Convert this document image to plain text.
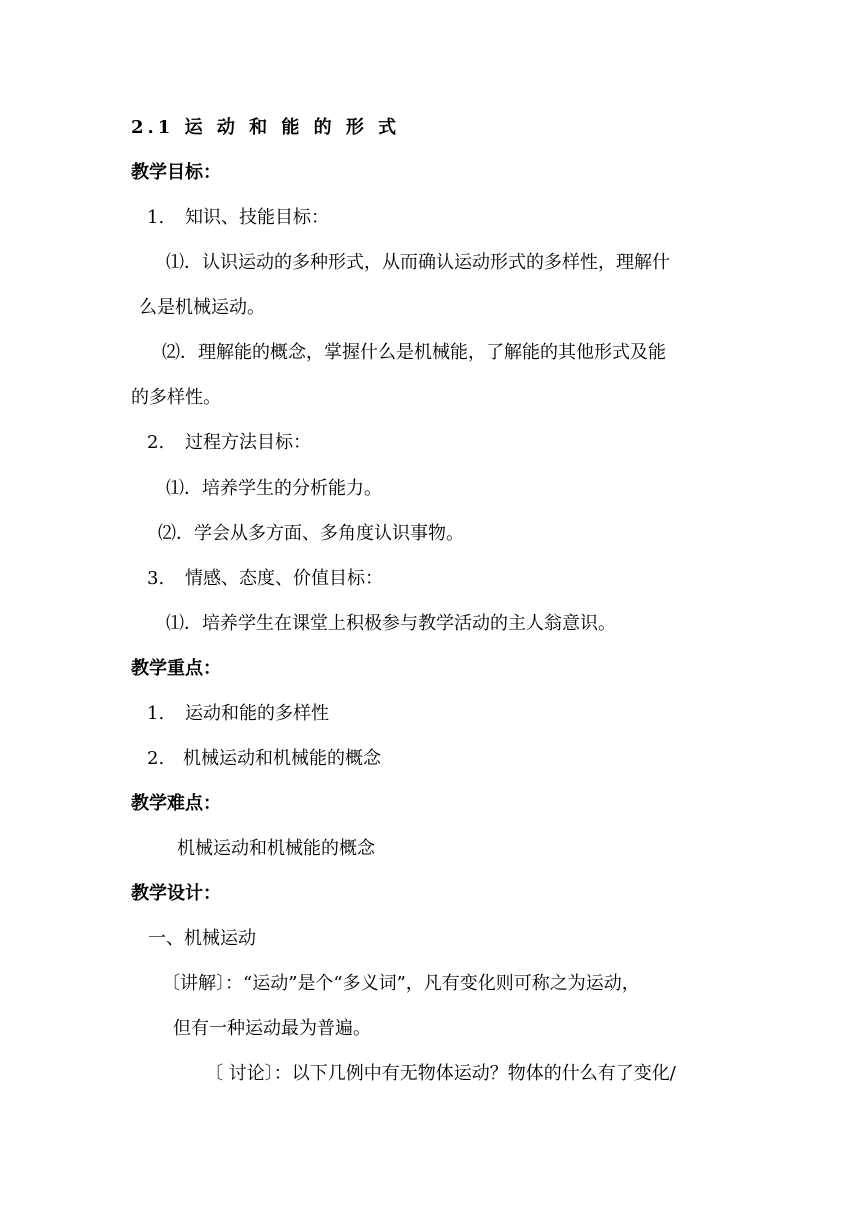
2.1 运 动 和 能 的 形 式
教学目标：
1. 知识、技能目标：
⑴．认识运动的多种形式，从而确认运动形式的多样性，理解什
么是机械运动。
⑵．理解能的概念，掌握什么是机械能，了解能的其他形式及能
的多样性。
2. 过程方法目标：
⑴．培养学生的分析能力。
⑵．学会从多方面、多角度认识事物。
3. 情感、态度、价值目标：
⑴．培养学生在课堂上积极参与教学活动的主人翁意识。
教学重点：
1. 运动和能的多样性
2. 机械运动和机械能的概念
教学难点：
机械运动和机械能的概念
教学设计：
一、机械运动
〔讲解〕：“运动”是个“多义词”，凡有变化则可称之为运动，
但有一种运动最为普遍。
〔 讨论〕：以下几例中有无物体运动？物体的什么有了变化/
